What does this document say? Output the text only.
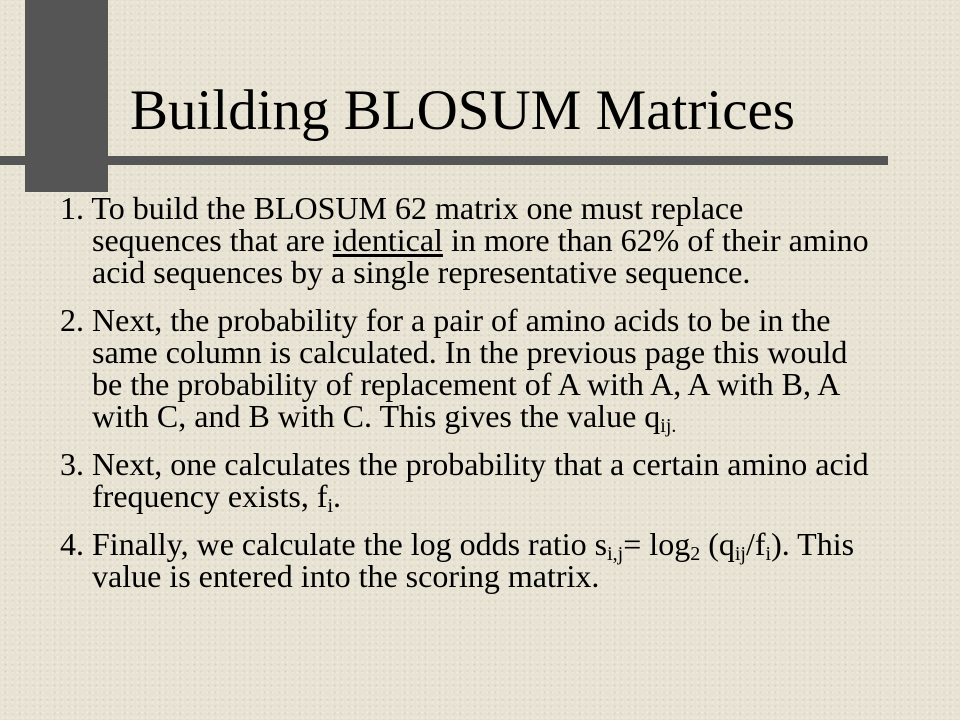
Building BLOSUM Matrices
1. To build the BLOSUM 62 matrix one must replace sequences that are identical in more than 62% of their amino acid sequences by a single representative sequence.
2. Next, the probability for a pair of amino acids to be in the same column is calculated. In the previous page this would be the probability of replacement of A with A, A with B, A with C, and B with C. This gives the value $q_{ij.}$
3. Next, one calculates the probability that a certain amino acid frequency exists, $f_i$.
4. Finally, we calculate the log odds ratio $s_{i,j}= \log_2 (q_{ij}/f_i)$. This value is entered into the scoring matrix.
